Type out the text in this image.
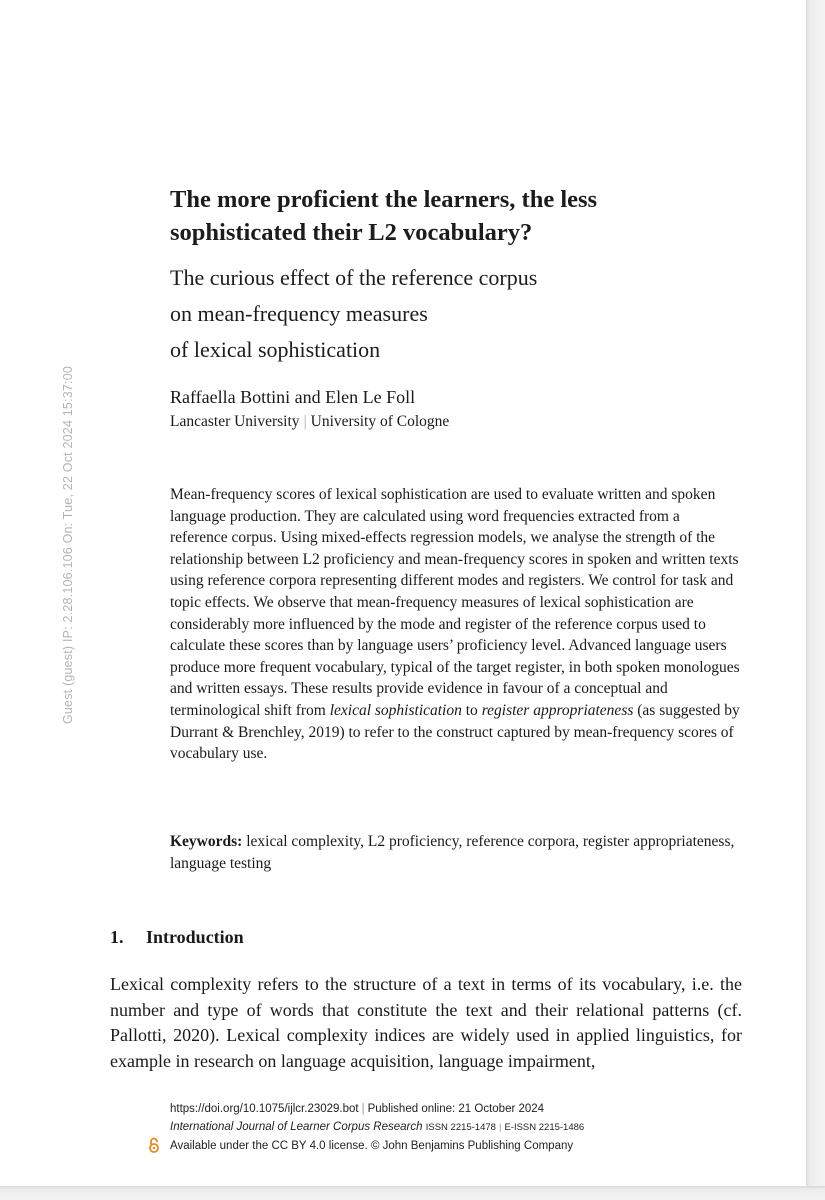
Guest (guest) IP: 2.28.106.106 On: Tue, 22 Oct 2024 15:37:00
The more proficient the learners, the less
sophisticated their L2 vocabulary?
The curious effect of the reference corpus
on mean-frequency measures
of lexical sophistication
Raffaella Bottini and Elen Le Foll
Lancaster University | University of Cologne

Mean-frequency scores of lexical sophistication are used to evaluate written and spoken language production. They are calculated using word frequencies extracted from a reference corpus. Using mixed-effects regression models, we analyse the strength of the relationship between L2 proficiency and mean-frequency scores in spoken and written texts using reference corpora representing different modes and registers. We control for task and topic effects. We observe that mean-frequency measures of lexical sophistication are considerably more influenced by the mode and register of the reference corpus used to calculate these scores than by language users’ proficiency level. Advanced language users produce more frequent vocabulary, typical of the target register, in both spoken monologues and written essays. These results provide evidence in favour of a conceptual and terminological shift from lexical sophistication to register appropriateness (as suggested by Durrant & Brenchley, 2019) to refer to the construct captured by mean-frequency scores of vocabulary use.

Keywords: lexical complexity, L2 proficiency, reference corpora, register appropriateness, language testing

1. Introduction

Lexical complexity refers to the structure of a text in terms of its vocabulary, i.e. the number and type of words that constitute the text and their relational patterns (cf. Pallotti, 2020). Lexical complexity indices are widely used in applied linguistics, for example in research on language acquisition, language impairment,

https://doi.org/10.1075/ijlcr.23029.bot | Published online: 21 October 2024
International Journal of Learner Corpus Research ISSN 2215-1478 | E-ISSN 2215-1486
Available under the CC BY 4.0 license. © John Benjamins Publishing Company
